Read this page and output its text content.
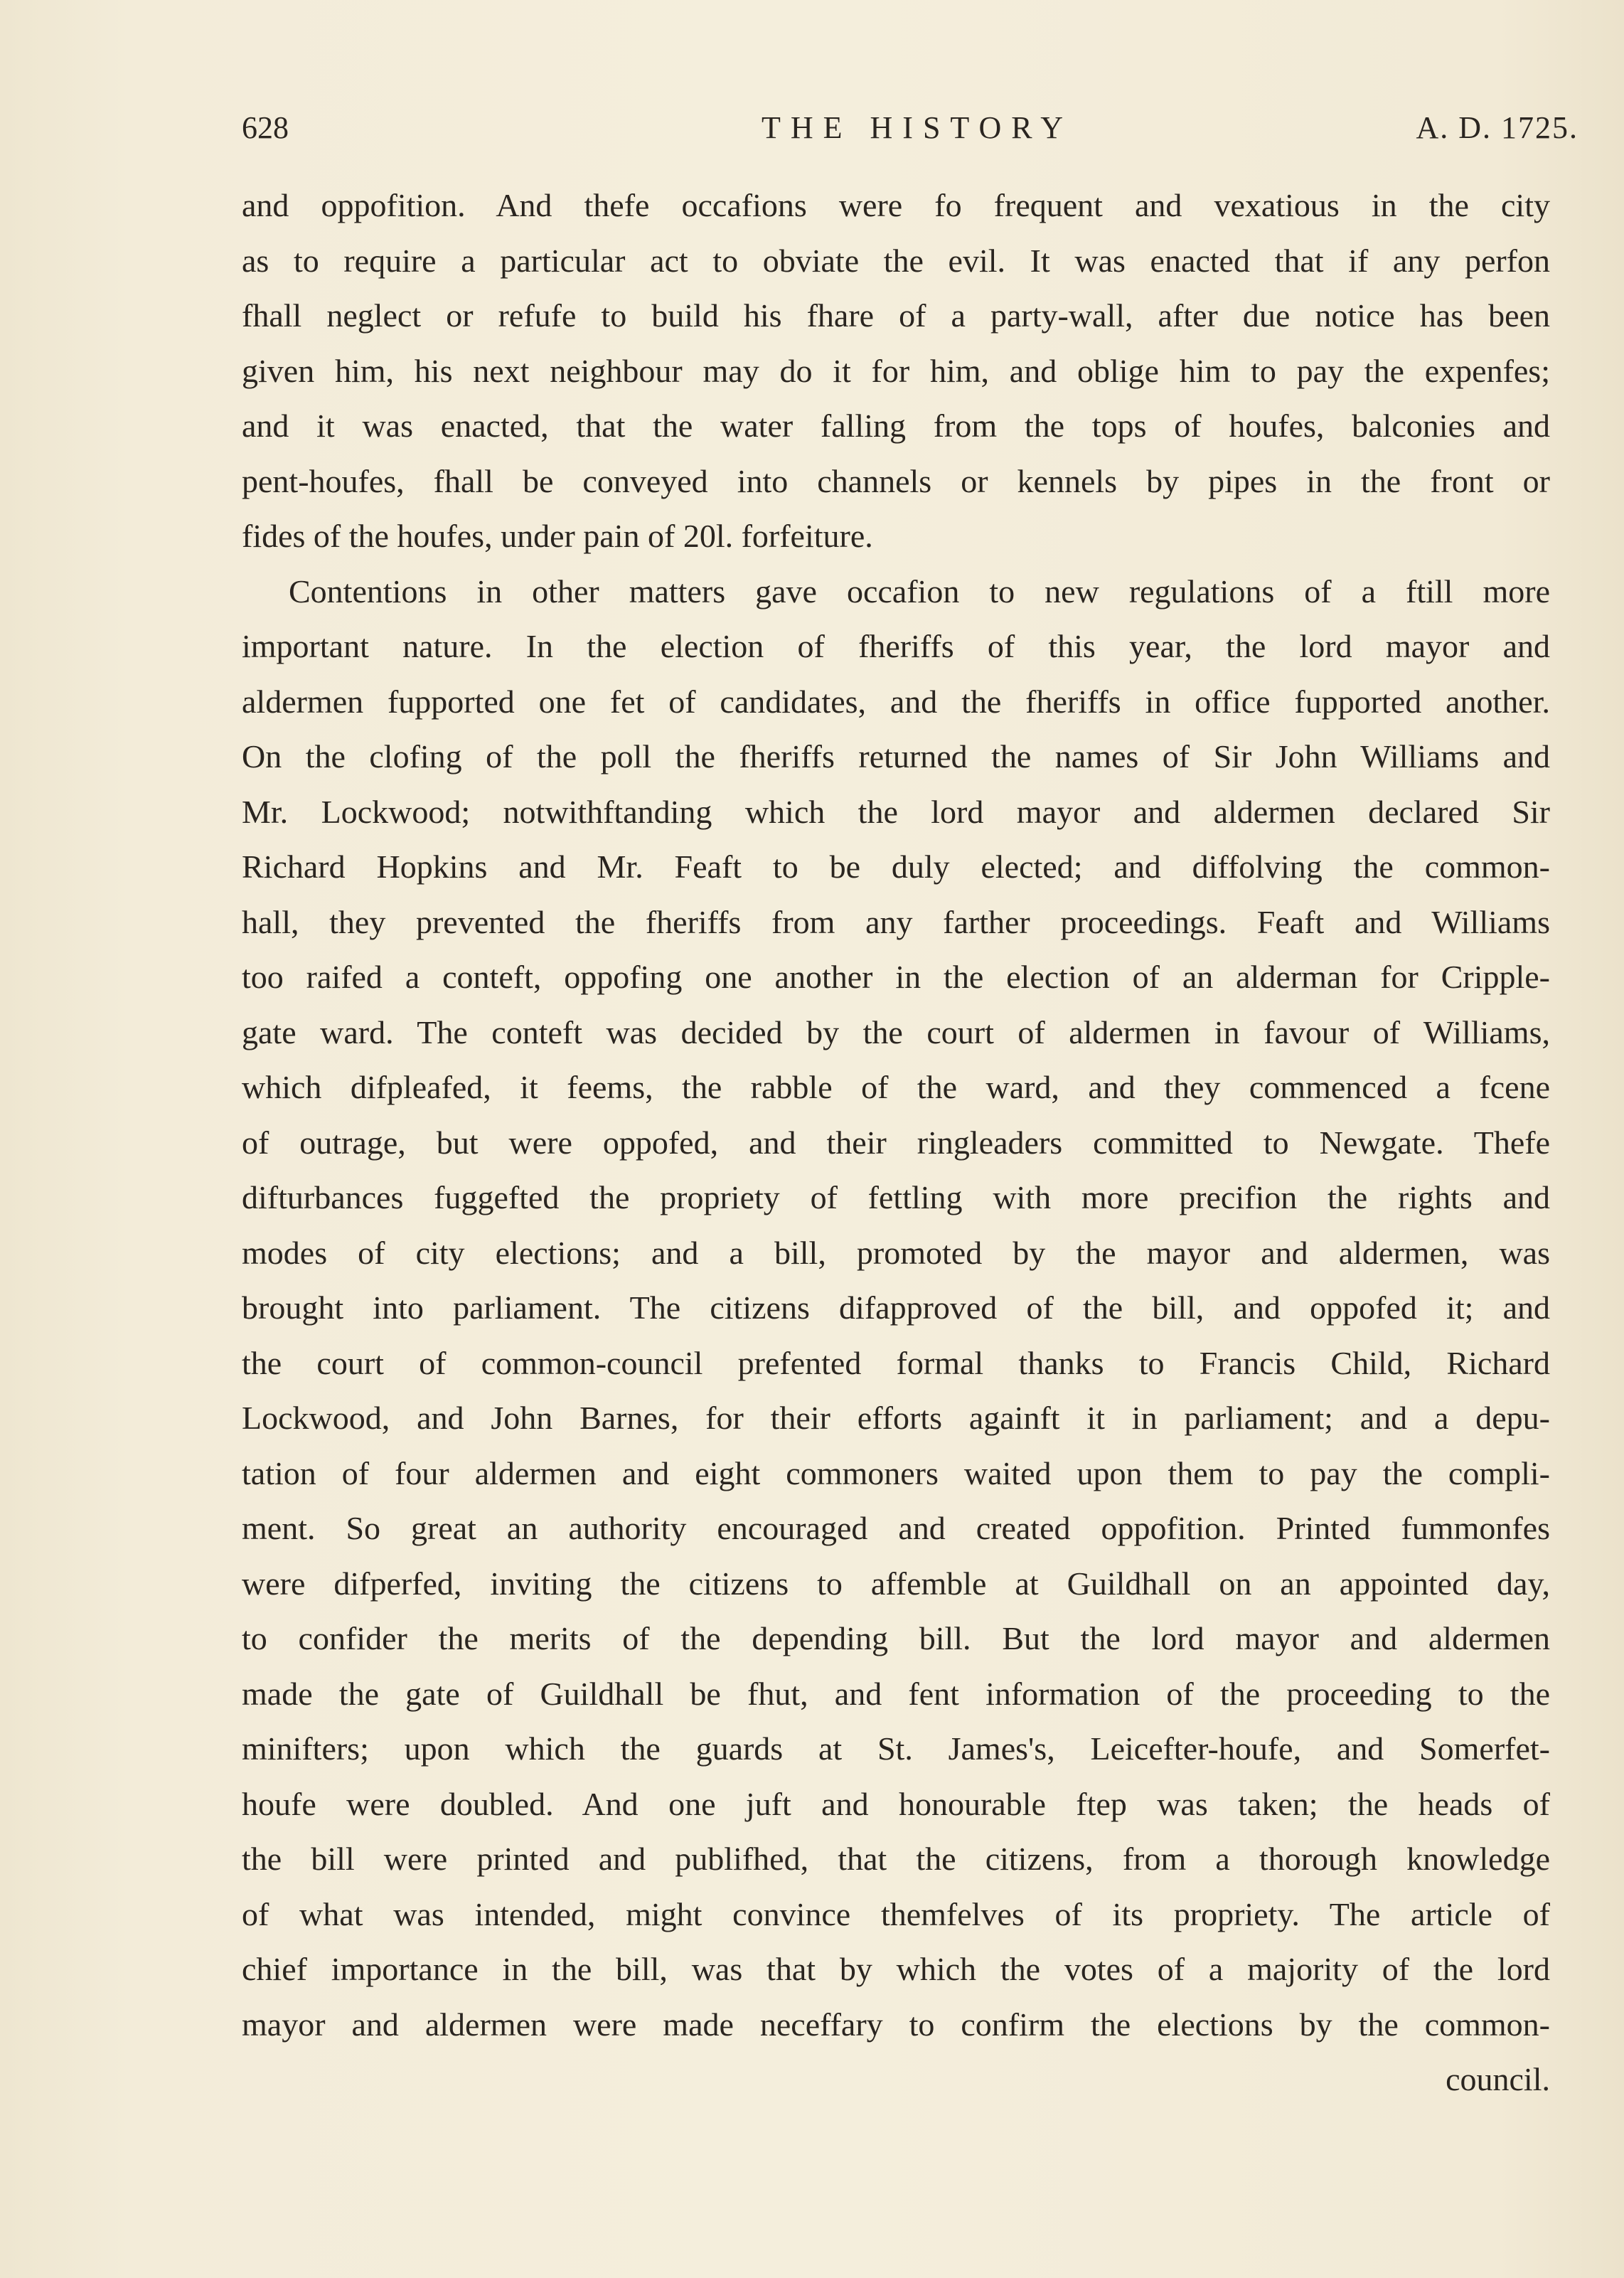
628	THE HISTORY	A. D. 1725.
and oppofition. And thefe occafions were fo frequent and vexatious in the city
as to require a particular act to obviate the evil. It was enacted that if any perfon
fhall neglect or refufe to build his fhare of a party-wall, after due notice has been
given him, his next neighbour may do it for him, and oblige him to pay the expenfes;
and it was enacted, that the water falling from the tops of houfes, balconies and
pent-houfes, fhall be conveyed into channels or kennels by pipes in the front or
fides of the houfes, under pain of 20l. forfeiture.
Contentions in other matters gave occafion to new regulations of a ftill more
important nature. In the election of fheriffs of this year, the lord mayor and
aldermen fupported one fet of candidates, and the fheriffs in office fupported another.
On the clofing of the poll the fheriffs returned the names of Sir John Williams and
Mr. Lockwood; notwithftanding which the lord mayor and aldermen declared Sir
Richard Hopkins and Mr. Feaft to be duly elected; and diffolving the common-
hall, they prevented the fheriffs from any farther proceedings. Feaft and Williams
too raifed a conteft, oppofing one another in the election of an alderman for Cripple-
gate ward. The conteft was decided by the court of aldermen in favour of Williams,
which difpleafed, it feems, the rabble of the ward, and they commenced a fcene
of outrage, but were oppofed, and their ringleaders committed to Newgate. Thefe
difturbances fuggefted the propriety of fettling with more precifion the rights and
modes of city elections; and a bill, promoted by the mayor and aldermen, was
brought into parliament. The citizens difapproved of the bill, and oppofed it; and
the court of common-council prefented formal thanks to Francis Child, Richard
Lockwood, and John Barnes, for their efforts againft it in parliament; and a depu-
tation of four aldermen and eight commoners waited upon them to pay the compli-
ment. So great an authority encouraged and created oppofition. Printed fummonfes
were difperfed, inviting the citizens to affemble at Guildhall on an appointed day,
to confider the merits of the depending bill. But the lord mayor and aldermen
made the gate of Guildhall be fhut, and fent information of the proceeding to the
minifters; upon which the guards at St. James's, Leicefter-houfe, and Somerfet-
houfe were doubled. And one juft and honourable ftep was taken; the heads of
the bill were printed and publifhed, that the citizens, from a thorough knowledge
of what was intended, might convince themfelves of its propriety. The article of
chief importance in the bill, was that by which the votes of a majority of the lord
mayor and aldermen were made neceffary to confirm the elections by the common-
council.
